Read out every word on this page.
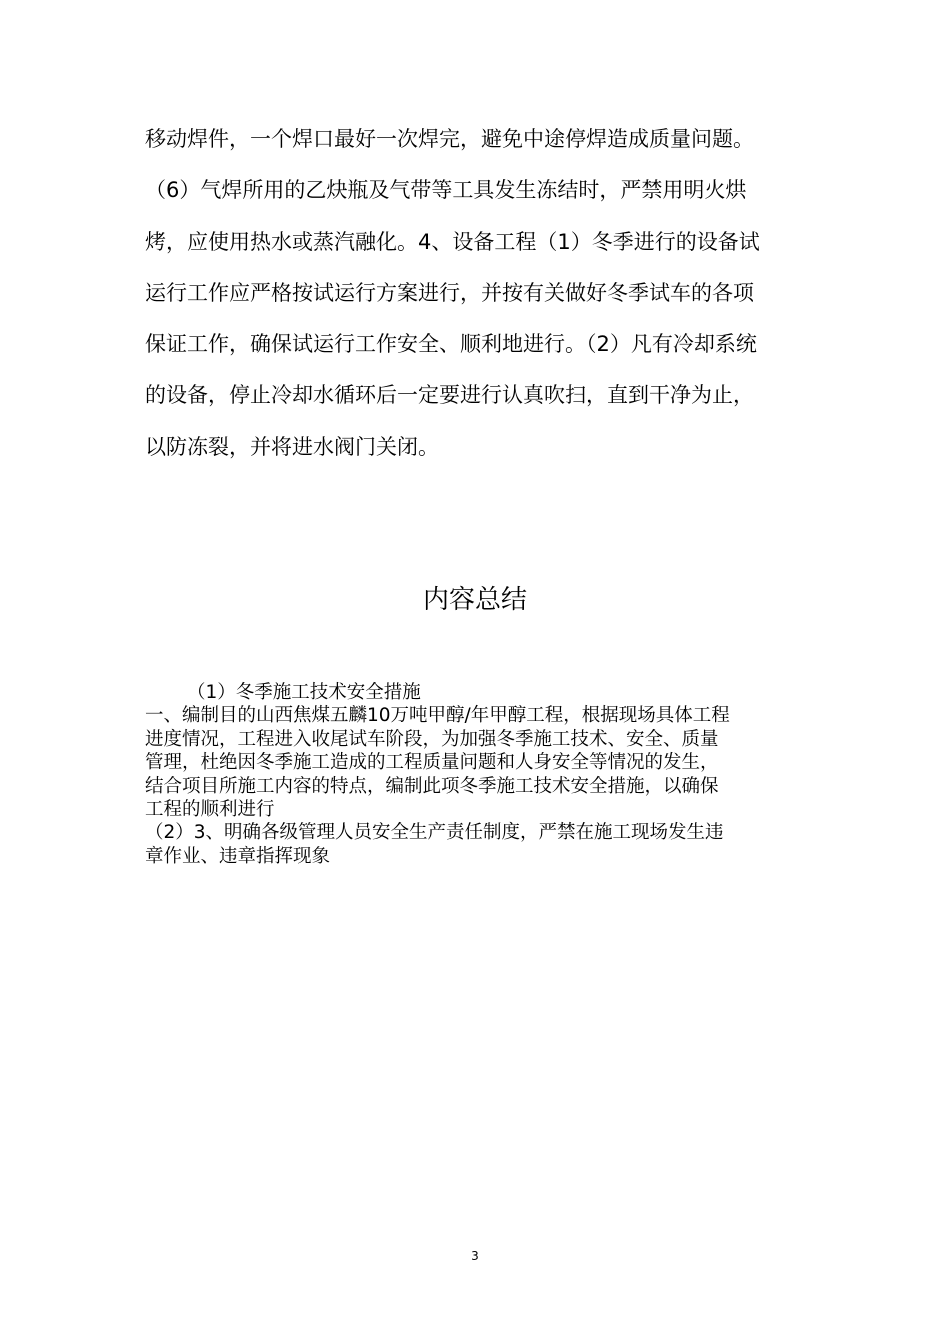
移动焊件，一个焊口最好一次焊完，避免中途停焊造成质量问题。
（6）气焊所用的乙炔瓶及气带等工具发生冻结时，严禁用明火烘
烤，应使用热水或蒸汽融化。4、设备工程（1）冬季进行的设备试
运行工作应严格按试运行方案进行，并按有关做好冬季试车的各项
保证工作，确保试运行工作安全、顺利地进行。（2）凡有冷却系统
的设备，停止冷却水循环后一定要进行认真吹扫，直到干净为止，
以防冻裂，并将进水阀门关闭。
内容总结
（1）冬季施工技术安全措施
一、编制目的山西焦煤五麟10万吨甲醇/年甲醇工程，根据现场具体工程
进度情况，工程进入收尾试车阶段，为加强冬季施工技术、安全、质量
管理，杜绝因冬季施工造成的工程质量问题和人身安全等情况的发生，
结合项目所施工内容的特点，编制此项冬季施工技术安全措施，以确保
工程的顺利进行
（2）3、明确各级管理人员安全生产责任制度，严禁在施工现场发生违
章作业、违章指挥现象
3
